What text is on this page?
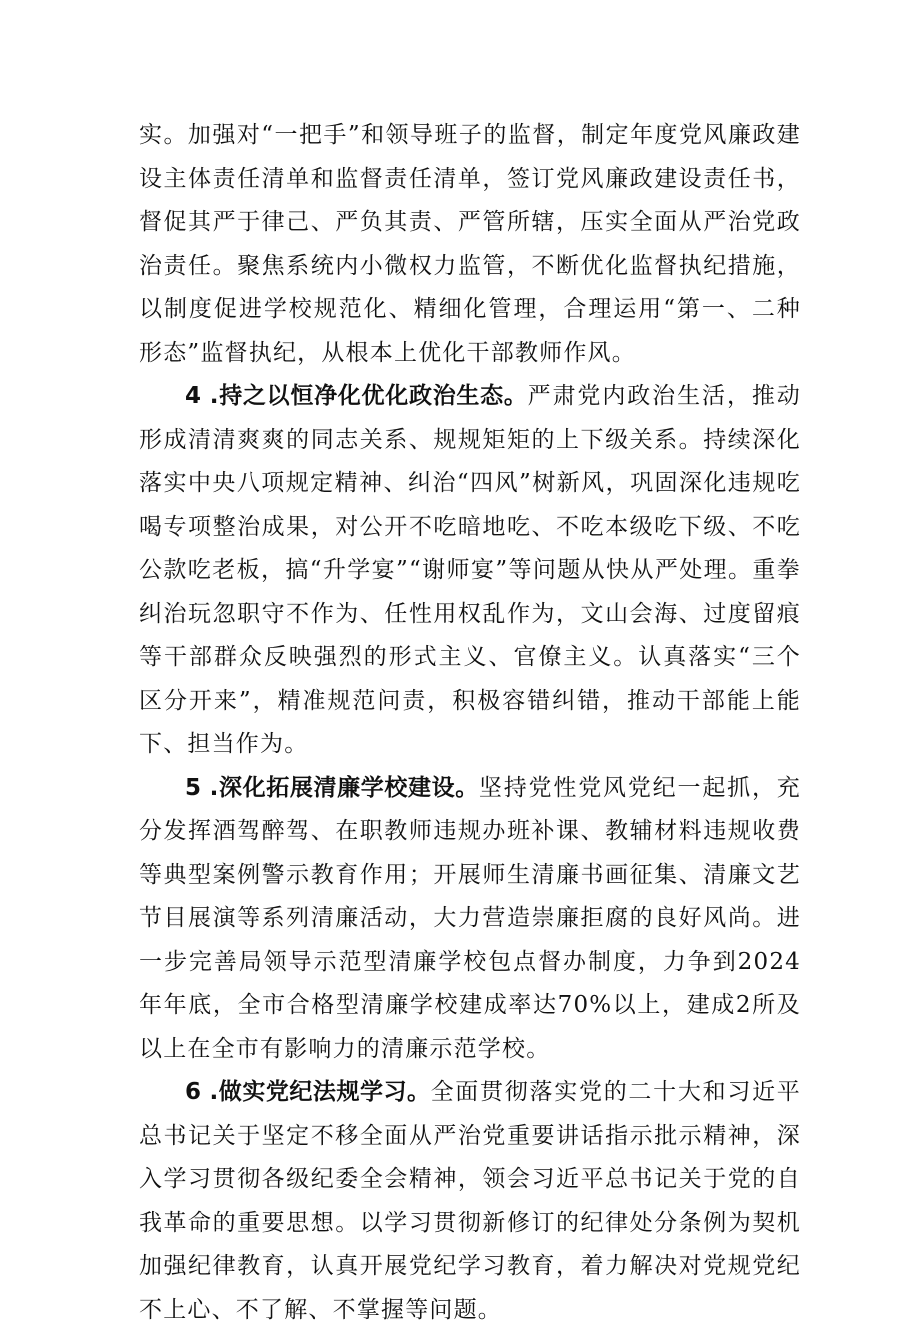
实。加强对“一把手”和领导班子的监督，制定年度党风廉政建设主体责任清单和监督责任清单，签订党风廉政建设责任书，督促其严于律己、严负其责、严管所辖，压实全面从严治党政治责任。聚焦系统内小微权力监管，不断优化监督执纪措施，以制度促进学校规范化、精细化管理，合理运用“第一、二种形态”监督执纪，从根本上优化干部教师作风。

4 .持之以恒净化优化政治生态。严肃党内政治生活，推动形成清清爽爽的同志关系、规规矩矩的上下级关系。持续深化落实中央八项规定精神、纠治“四风”树新风，巩固深化违规吃喝专项整治成果，对公开不吃暗地吃、不吃本级吃下级、不吃公款吃老板，搞“升学宴”“谢师宴”等问题从快从严处理。重拳纠治玩忽职守不作为、任性用权乱作为，文山会海、过度留痕等干部群众反映强烈的形式主义、官僚主义。认真落实“三个区分开来”，精准规范问责，积极容错纠错，推动干部能上能下、担当作为。

5 .深化拓展清廉学校建设。坚持党性党风党纪一起抓，充分发挥酒驾醉驾、在职教师违规办班补课、教辅材料违规收费等典型案例警示教育作用；开展师生清廉书画征集、清廉文艺节目展演等系列清廉活动，大力营造崇廉拒腐的良好风尚。进一步完善局领导示范型清廉学校包点督办制度，力争到2024年年底，全市合格型清廉学校建成率达70%以上，建成2所及以上在全市有影响力的清廉示范学校。

6 .做实党纪法规学习。全面贯彻落实党的二十大和习近平总书记关于坚定不移全面从严治党重要讲话指示批示精神，深入学习贯彻各级纪委全会精神，领会习近平总书记关于党的自我革命的重要思想。以学习贯彻新修订的纪律处分条例为契机加强纪律教育，认真开展党纪学习教育，着力解决对党规党纪不上心、不了解、不掌握等问题。
